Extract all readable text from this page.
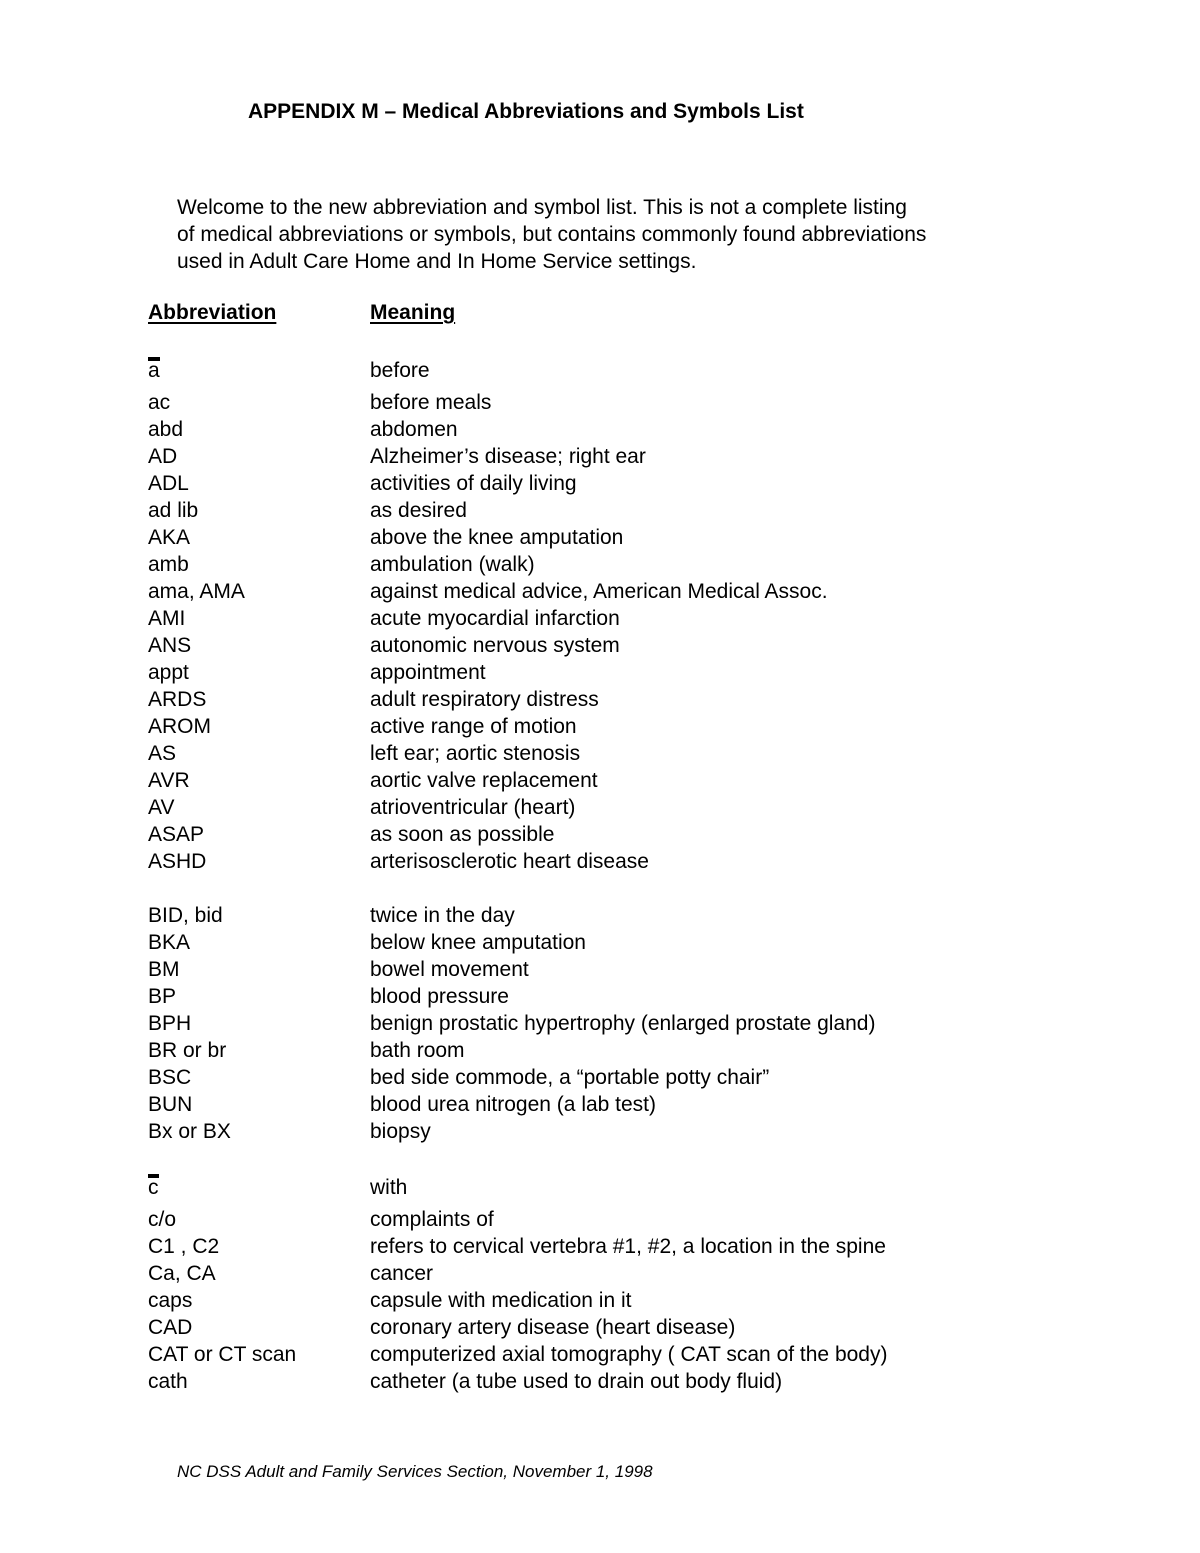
APPENDIX M – Medical Abbreviations and Symbols List
Welcome to the new abbreviation and symbol list. This is not a complete listing
of medical abbreviations or symbols, but contains commonly found abbreviations
used in Adult Care Home and In Home Service settings.
Abbreviation	Meaning
a	before
ac	before meals
abd	abdomen
AD	Alzheimer’s disease; right ear
ADL	activities of daily living
ad lib	as desired
AKA	above the knee amputation
amb	ambulation (walk)
ama, AMA	against medical advice, American Medical Assoc.
AMI	acute myocardial infarction
ANS	autonomic nervous system
appt	appointment
ARDS	adult respiratory distress
AROM	active range of motion
AS	left ear; aortic stenosis
AVR	aortic valve replacement
AV	atrioventricular (heart)
ASAP	as soon as possible
ASHD	arterisosclerotic heart disease
BID, bid	twice in the day
BKA	below knee amputation
BM	bowel movement
BP	blood pressure
BPH	benign prostatic hypertrophy (enlarged prostate gland)
BR or br	bath room
BSC	bed side commode, a “portable potty chair”
BUN	blood urea nitrogen (a lab test)
Bx or BX	biopsy
c	with
c/o	complaints of
C1 , C2	refers to cervical vertebra #1, #2, a location in the spine
Ca, CA	cancer
caps	capsule with medication in it
CAD	coronary artery disease (heart disease)
CAT or CT scan	computerized axial tomography ( CAT scan of the body)
cath	catheter (a tube used to drain out body fluid)
NC DSS Adult and Family Services Section, November 1, 1998
